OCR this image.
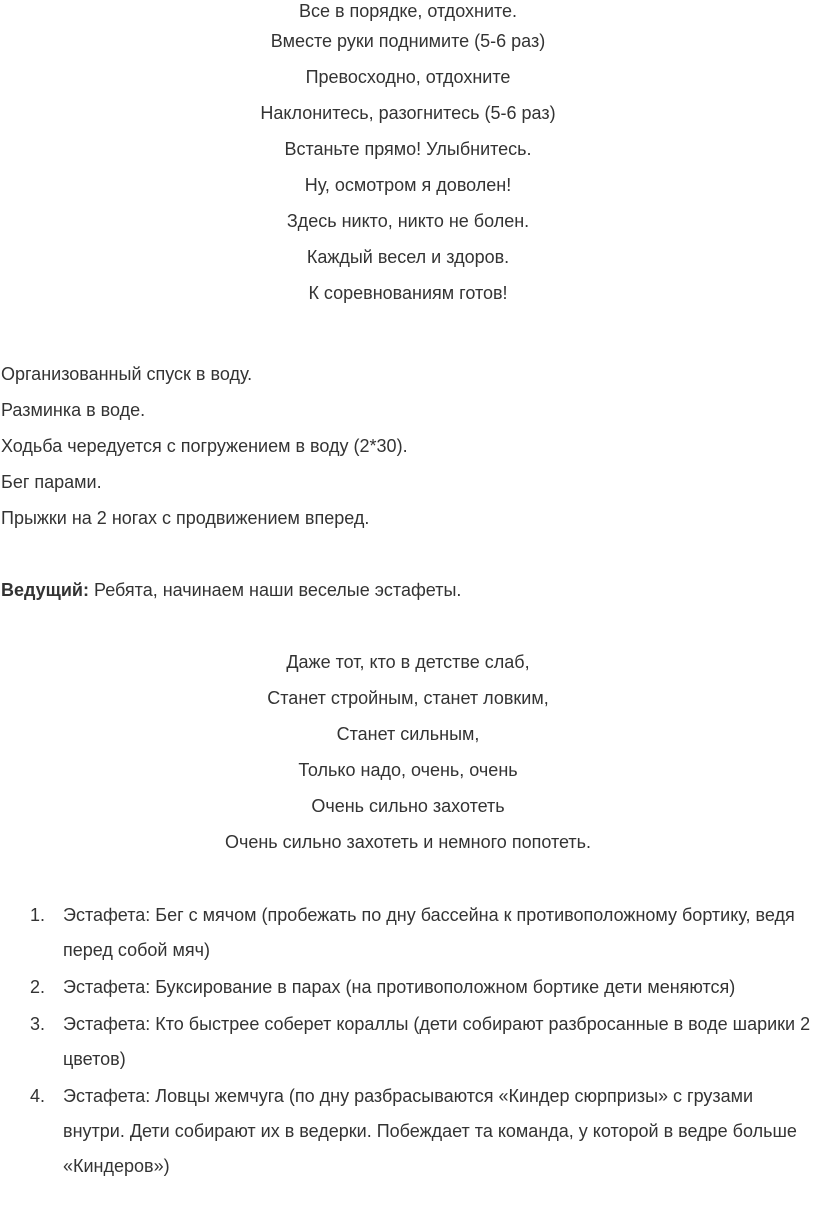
Все в порядке, отдохните.
Вместе руки поднимите (5-6 раз)
Превосходно, отдохните
Наклонитесь, разогнитесь (5-6 раз)
Встаньте прямо! Улыбнитесь.
Ну, осмотром я доволен!
Здесь никто, никто не болен.
Каждый весел и здоров.
К соревнованиям готов!
Организованный спуск в воду.
Разминка в воде.
Ходьба чередуется с погружением в воду (2*30).
Бег парами.
Прыжки на 2 ногах с продвижением вперед.
Ведущий: Ребята, начинаем наши веселые эстафеты.
Даже тот, кто в детстве слаб,
Станет стройным, станет ловким,
Станет сильным,
Только надо, очень, очень
Очень сильно захотеть
Очень сильно захотеть и немного попотеть.
1. Эстафета: Бег с мячом (пробежать по дну бассейна к противоположному бортику, ведя перед собой мяч)
2. Эстафета: Буксирование в парах (на противоположном бортике дети меняются)
3. Эстафета: Кто быстрее соберет кораллы (дети собирают разбросанные в воде шарики 2 цветов)
4. Эстафета: Ловцы жемчуга (по дну разбрасываются «Киндер сюрпризы» с грузами внутри. Дети собирают их в ведерки. Побеждает та команда, у которой в ведре больше «Киндеров»)
